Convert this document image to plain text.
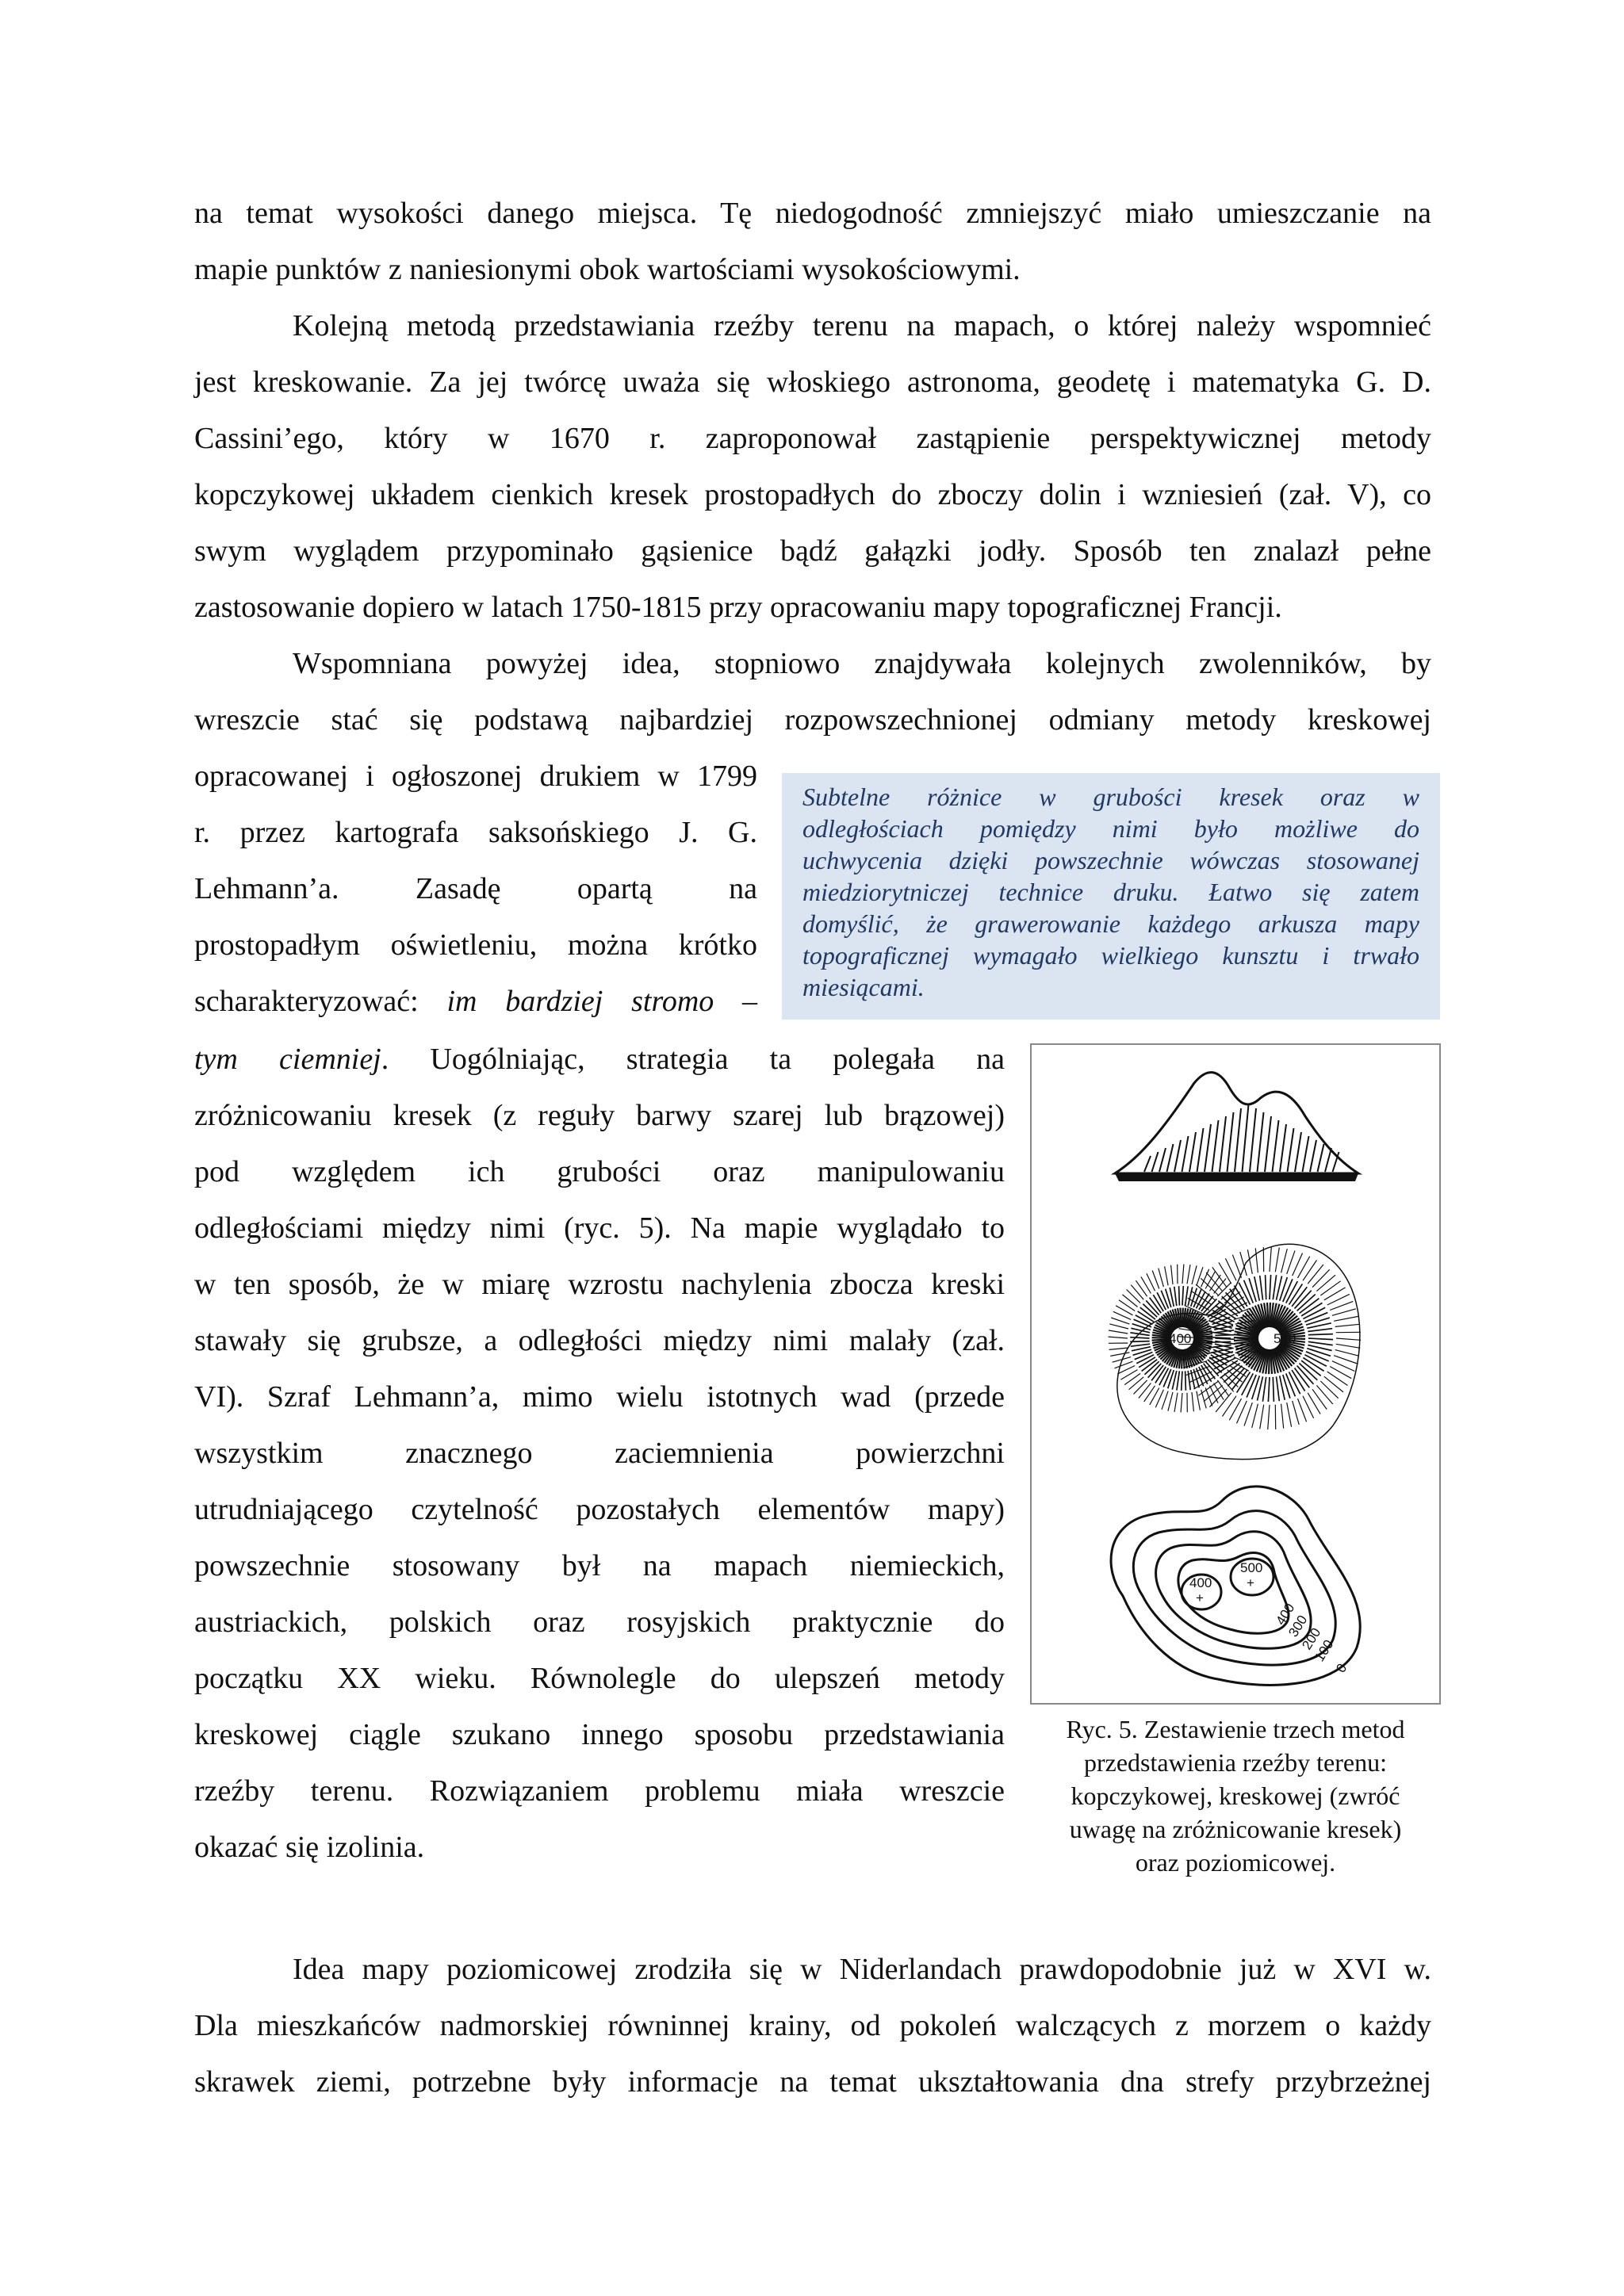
na temat wysokości danego miejsca. Tę niedogodność zmniejszyć miało umieszczanie na
mapie punktów z naniesionymi obok wartościami wysokościowymi.
Kolejną metodą przedstawiania rzeźby terenu na mapach, o której należy wspomnieć
jest kreskowanie. Za jej twórcę uważa się włoskiego astronoma, geodetę i matematyka G. D.
Cassini’ego, który w 1670 r. zaproponował zastąpienie perspektywicznej metody
kopczykowej układem cienkich kresek prostopadłych do zboczy dolin i wzniesień (zał. V), co
swym wyglądem przypominało gąsienice bądź gałązki jodły. Sposób ten znalazł pełne
zastosowanie dopiero w latach 1750-1815 przy opracowaniu mapy topograficznej Francji.
Wspomniana powyżej idea, stopniowo znajdywała kolejnych zwolenników, by
wreszcie stać się podstawą najbardziej rozpowszechnionej odmiany metody kreskowej
opracowanej i ogłoszonej drukiem w 1799
r. przez kartografa saksońskiego J. G.
Lehmann’a. Zasadę opartą na
prostopadłym oświetleniu, można krótko
scharakteryzować: im bardziej stromo –
Subtelne różnice w grubości kresek oraz w
odległościach pomiędzy nimi było możliwe do
uchwycenia dzięki powszechnie wówczas stosowanej
miedziorytniczej technice druku. Łatwo się zatem
domyślić, że grawerowanie każdego arkusza mapy
topograficznej wymagało wielkiego kunsztu i trwało
miesiącami.
tym ciemniej. Uogólniając, strategia ta polegała na
zróżnicowaniu kresek (z reguły barwy szarej lub brązowej)
pod względem ich grubości oraz manipulowaniu
odległościami między nimi (ryc. 5). Na mapie wyglądało to
w ten sposób, że w miarę wzrostu nachylenia zbocza kreski
stawały się grubsze, a odległości między nimi malały (zał.
VI). Szraf Lehmann’a, mimo wielu istotnych wad (przede
wszystkim znacznego zaciemnienia powierzchni
utrudniającego czytelność pozostałych elementów mapy)
powszechnie stosowany był na mapach niemieckich,
austriackich, polskich oraz rosyjskich praktycznie do
początku XX wieku. Równolegle do ulepszeń metody
kreskowej ciągle szukano innego sposobu przedstawiania
rzeźby terenu. Rozwiązaniem problemu miała wreszcie
okazać się izolinia.
400	500
400
+
500
+
400
300
200
100
0
Ryc. 5. Zestawienie trzech metod
przedstawienia rzeźby terenu:
kopczykowej, kreskowej (zwróć
uwagę na zróżnicowanie kresek)
oraz poziomicowej.
Idea mapy poziomicowej zrodziła się w Niderlandach prawdopodobnie już w XVI w.
Dla mieszkańców nadmorskiej równinnej krainy, od pokoleń walczących z morzem o każdy
skrawek ziemi, potrzebne były informacje na temat ukształtowania dna strefy przybrzeżnej
